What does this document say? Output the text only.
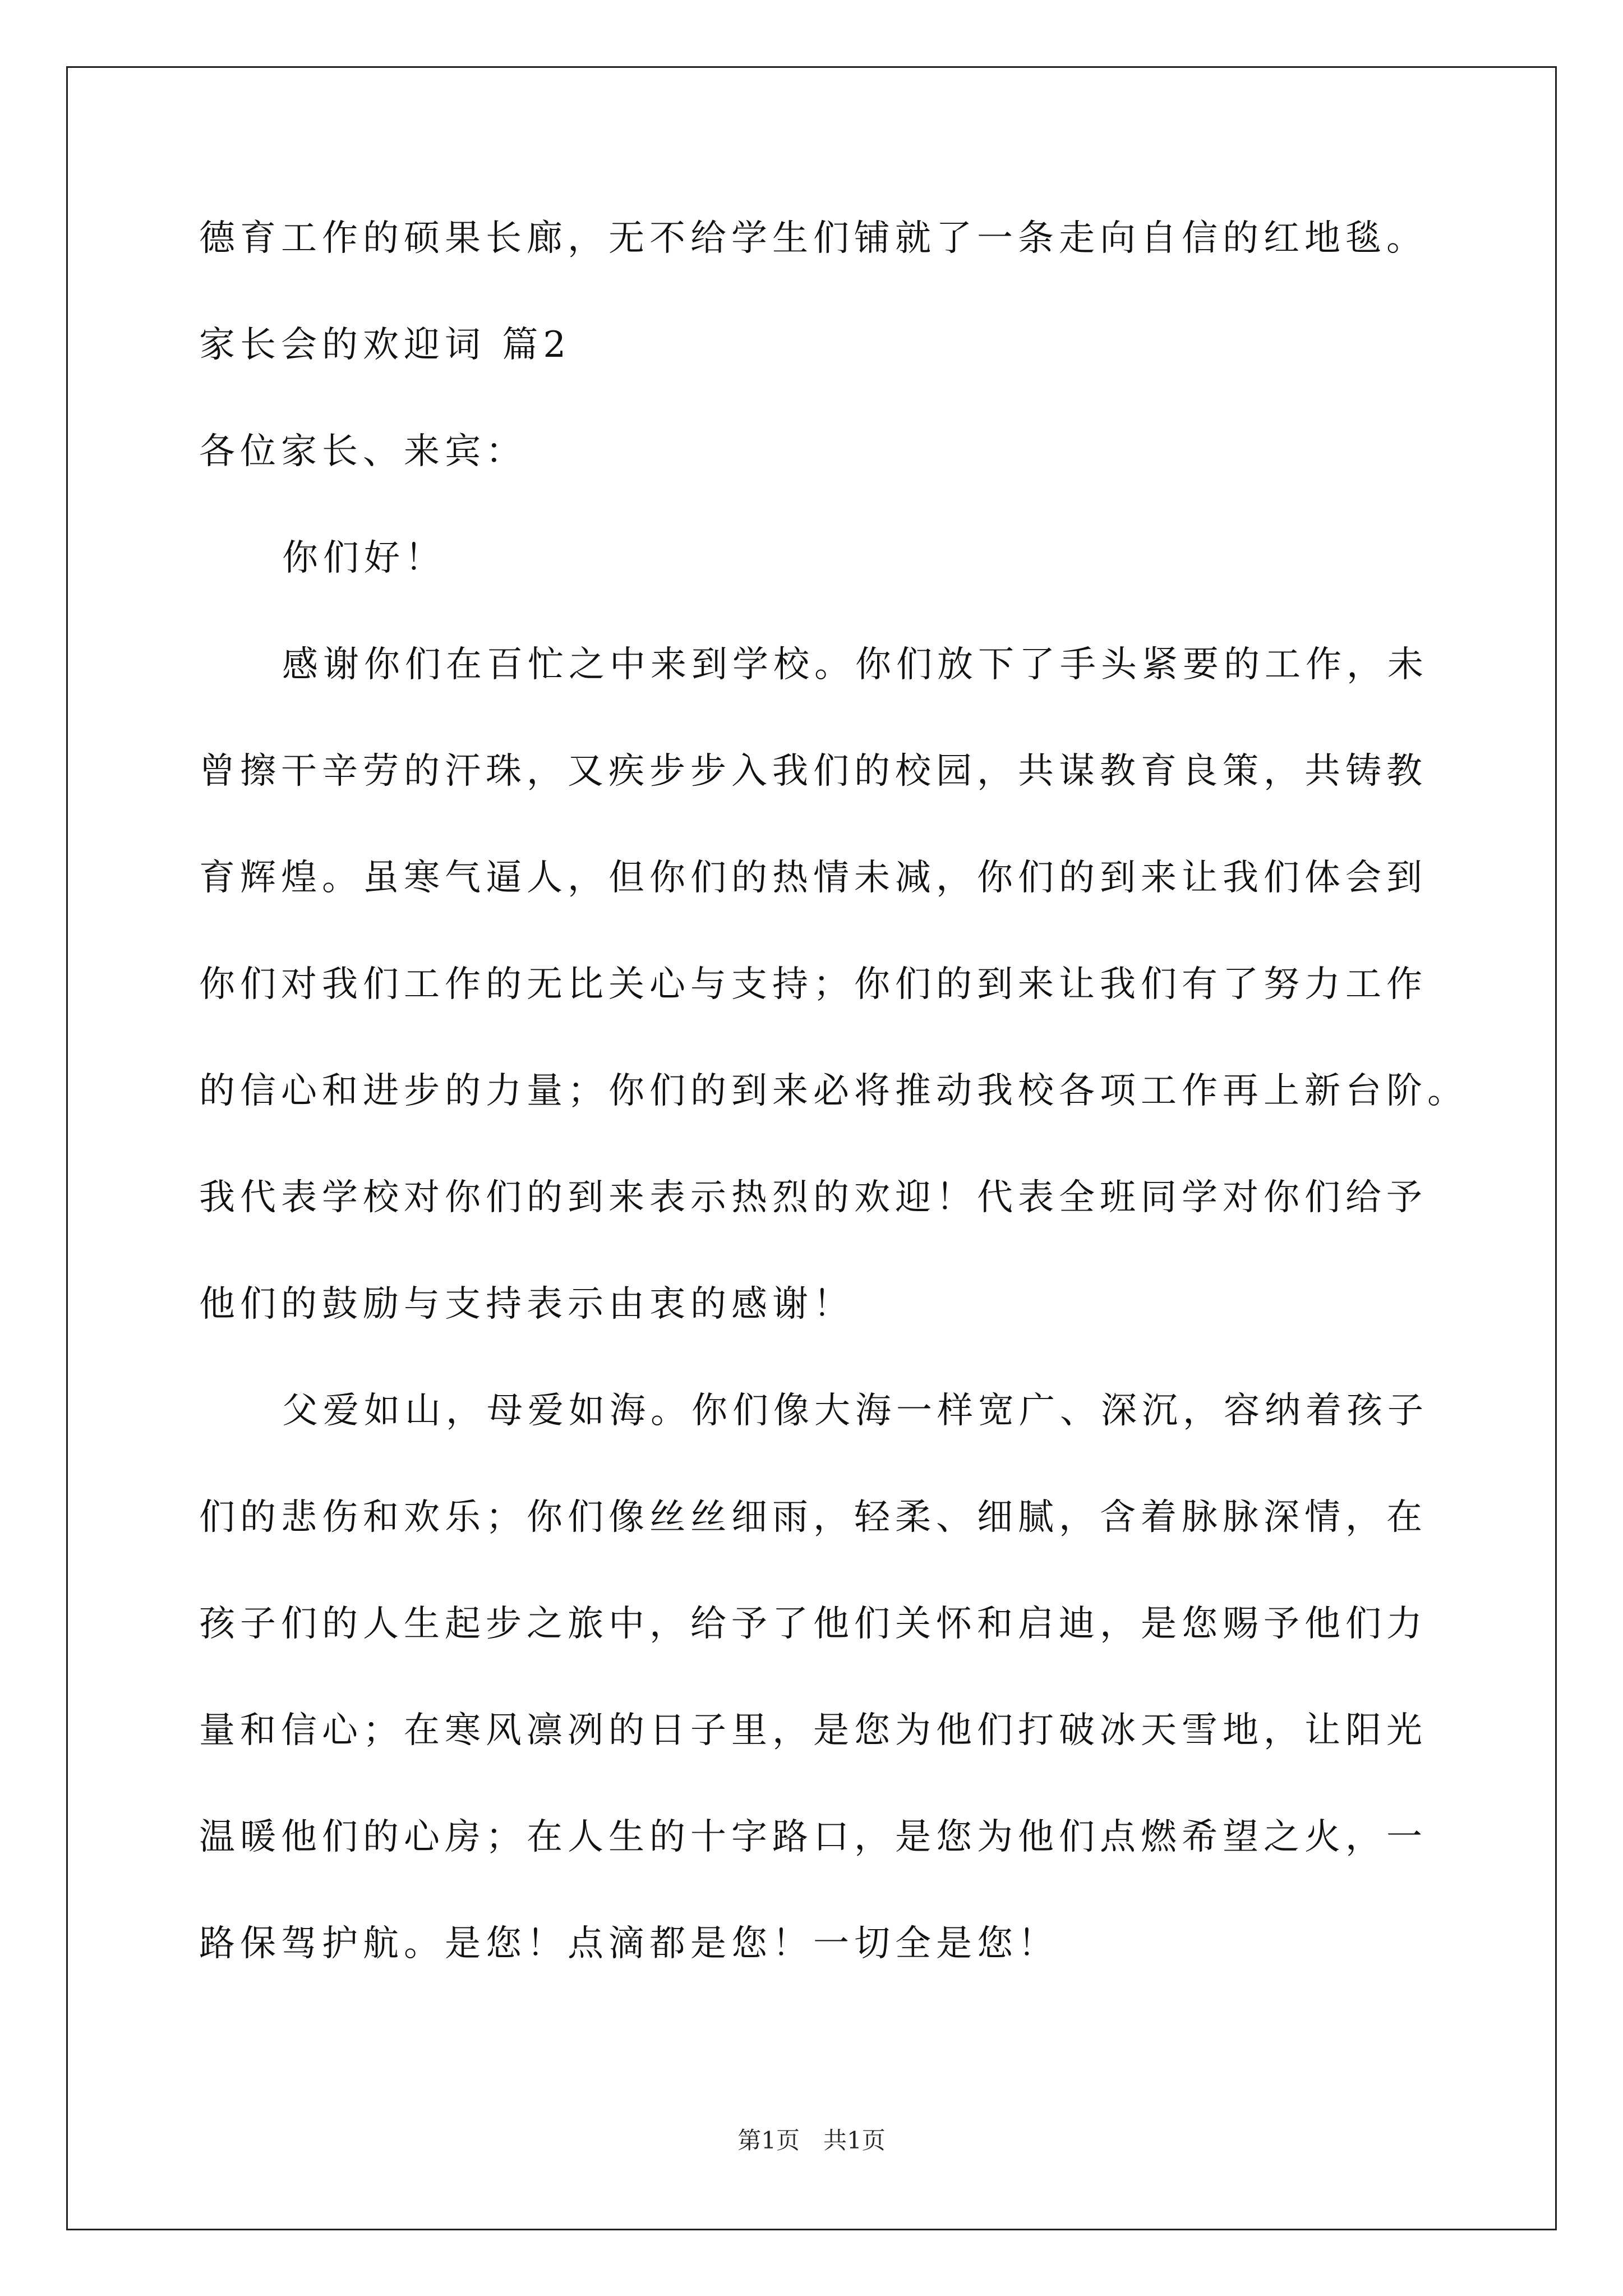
德育工作的硕果长廊，无不给学生们铺就了一条走向自信的红地毯。
家长会的欢迎词 篇2
各位家长、来宾：
你们好！
感谢你们在百忙之中来到学校。你们放下了手头紧要的工作，未
曾擦干辛劳的汗珠，又疾步步入我们的校园，共谋教育良策，共铸教
育辉煌。虽寒气逼人，但你们的热情未减，你们的到来让我们体会到
你们对我们工作的无比关心与支持；你们的到来让我们有了努力工作
的信心和进步的力量；你们的到来必将推动我校各项工作再上新台阶。
我代表学校对你们的到来表示热烈的欢迎！代表全班同学对你们给予
他们的鼓励与支持表示由衷的感谢！
父爱如山，母爱如海。你们像大海一样宽广、深沉，容纳着孩子
们的悲伤和欢乐；你们像丝丝细雨，轻柔、细腻，含着脉脉深情，在
孩子们的人生起步之旅中，给予了他们关怀和启迪，是您赐予他们力
量和信心；在寒风凛冽的日子里，是您为他们打破冰天雪地，让阳光
温暖他们的心房；在人生的十字路口，是您为他们点燃希望之火，一
路保驾护航。是您！点滴都是您！一切全是您！
第1页　共1页
